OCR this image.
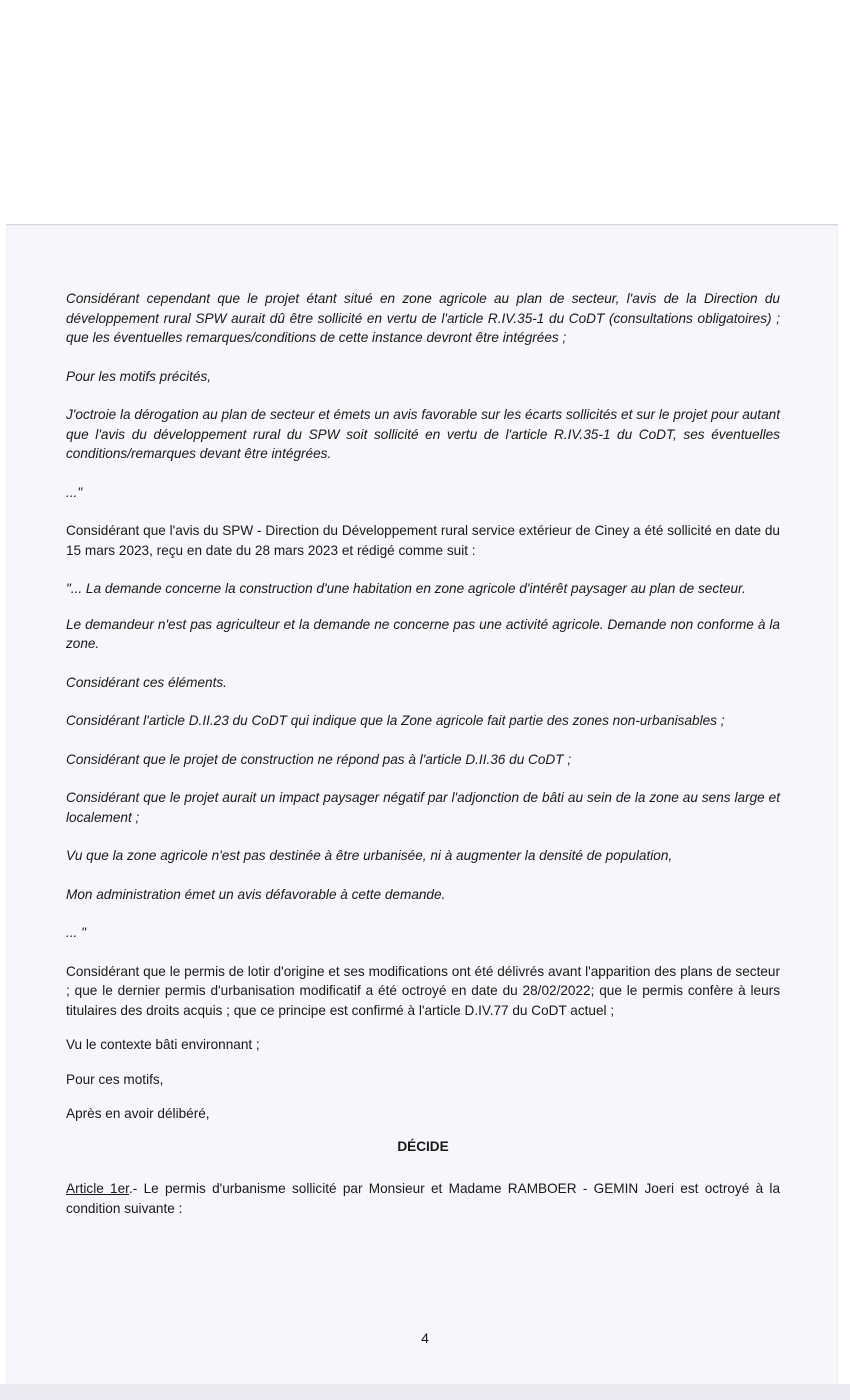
Considérant cependant que le projet étant situé en zone agricole au plan de secteur, l'avis de la Direction du développement rural SPW aurait dû être sollicité en vertu de l'article R.IV.35-1 du CoDT (consultations obligatoires) ; que les éventuelles remarques/conditions de cette instance devront être intégrées ;

Pour les motifs précités,

J'octroie la dérogation au plan de secteur et émets un avis favorable sur les écarts sollicités et sur le projet pour autant que l'avis du développement rural du SPW soit sollicité en vertu de l'article R.IV.35-1 du CoDT, ses éventuelles conditions/remarques devant être intégrées.

..."

Considérant que l'avis du SPW - Direction du Développement rural service extérieur de Ciney a été sollicité en date du 15 mars 2023, reçu en date du 28 mars 2023 et rédigé comme suit :

"... La demande concerne la construction d'une habitation en zone agricole d'intérêt paysager au plan de secteur.

Le demandeur n'est pas agriculteur et la demande ne concerne pas une activité agricole. Demande non conforme à la zone.

Considérant ces éléments.

Considérant l'article D.II.23 du CoDT qui indique que la Zone agricole fait partie des zones non-urbanisables ;

Considérant que le projet de construction ne répond pas à l'article D.II.36 du CoDT ;

Considérant que le projet aurait un impact paysager négatif par l'adjonction de bâti au sein de la zone au sens large et localement ;

Vu que la zone agricole n'est pas destinée à être urbanisée, ni à augmenter la densité de population,

Mon administration émet un avis défavorable à cette demande.

... "

Considérant que le permis de lotir d'origine et ses modifications ont été délivrés avant l'apparition des plans de secteur ; que le dernier permis d'urbanisation modificatif a été octroyé en date du 28/02/2022; que le permis confère à leurs titulaires des droits acquis ; que ce principe est confirmé à l'article D.IV.77 du CoDT actuel ;

Vu le contexte bâti environnant ;

Pour ces motifs,

Après en avoir délibéré,

DÉCIDE

Article 1er.- Le permis d'urbanisme sollicité par Monsieur et Madame RAMBOER - GEMIN Joeri est octroyé à la condition suivante :

4
